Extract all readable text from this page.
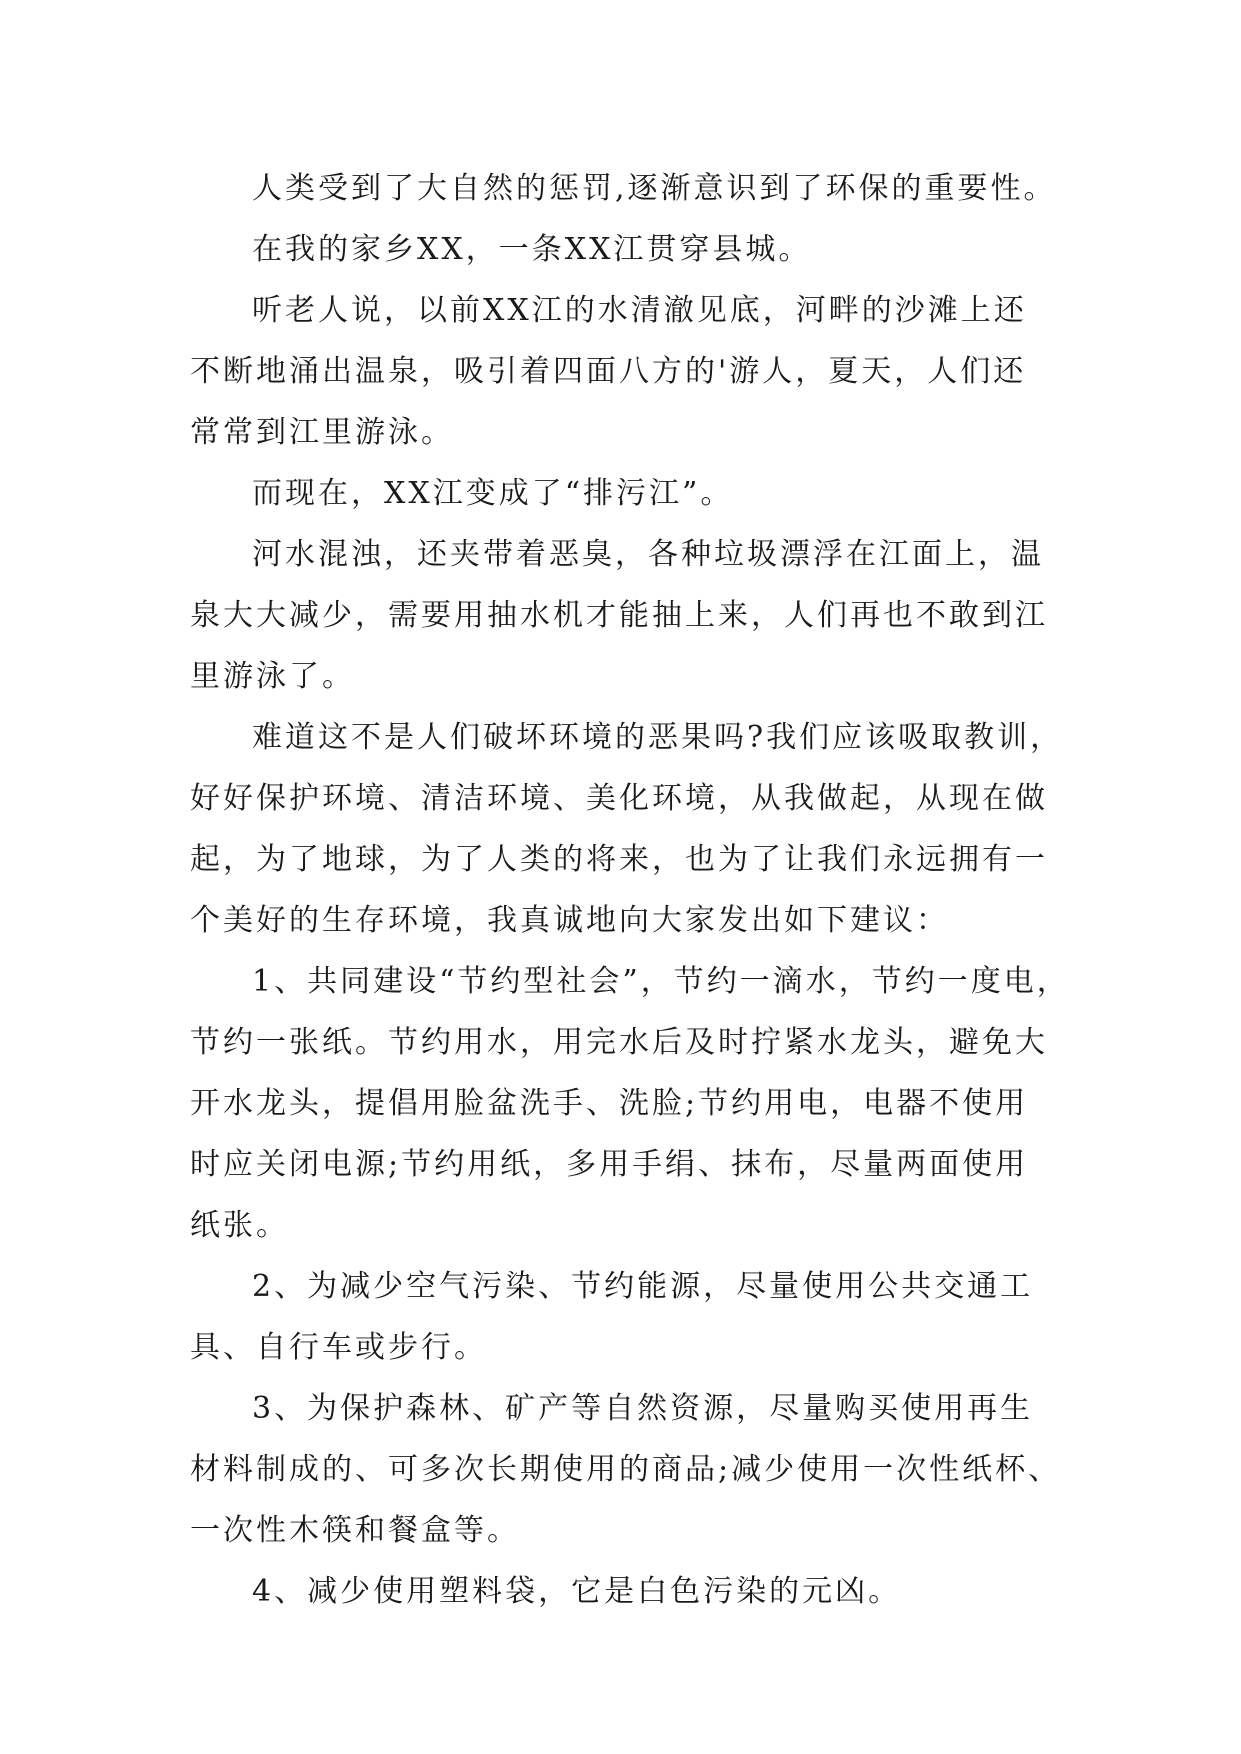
人类受到了大自然的惩罚,逐渐意识到了环保的重要性。
在我的家乡XX，一条XX江贯穿县城。
听老人说，以前XX江的水清澈见底，河畔的沙滩上还
不断地涌出温泉，吸引着四面八方的'游人，夏天，人们还
常常到江里游泳。
而现在，XX江变成了“排污江”。
河水混浊，还夹带着恶臭，各种垃圾漂浮在江面上，温
泉大大减少，需要用抽水机才能抽上来，人们再也不敢到江
里游泳了。
难道这不是人们破坏环境的恶果吗?我们应该吸取教训，
好好保护环境、清洁环境、美化环境，从我做起，从现在做
起，为了地球，为了人类的将来，也为了让我们永远拥有一
个美好的生存环境，我真诚地向大家发出如下建议：
1、共同建设“节约型社会”，节约一滴水，节约一度电，
节约一张纸。节约用水，用完水后及时拧紧水龙头，避免大
开水龙头，提倡用脸盆洗手、洗脸;节约用电，电器不使用
时应关闭电源;节约用纸，多用手绢、抹布，尽量两面使用
纸张。
2、为减少空气污染、节约能源，尽量使用公共交通工
具、自行车或步行。
3、为保护森林、矿产等自然资源，尽量购买使用再生
材料制成的、可多次长期使用的商品;减少使用一次性纸杯、
一次性木筷和餐盒等。
4、减少使用塑料袋，它是白色污染的元凶。
